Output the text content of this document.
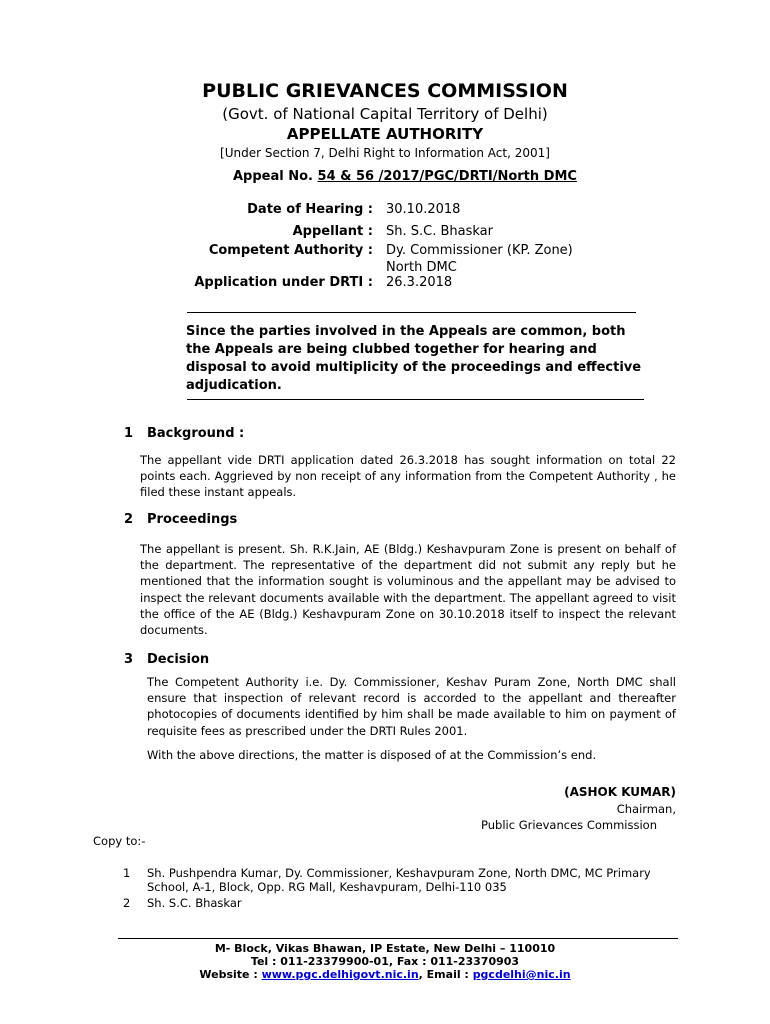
PUBLIC GRIEVANCES COMMISSION
(Govt. of National Capital Territory of Delhi)
APPELLATE AUTHORITY
[Under Section 7, Delhi Right to Information Act, 2001]
Appeal No. 54 & 56 /2017/PGC/DRTI/North DMC
Date of Hearing : 30.10.2018
Appellant : Sh. S.C. Bhaskar
Competent Authority : Dy. Commissioner (KP. Zone)
North DMC
Application under DRTI : 26.3.2018
Since the parties involved in the Appeals are common, both the Appeals are being clubbed together for hearing and disposal to avoid multiplicity of the proceedings and effective adjudication.
1 Background :
The appellant vide DRTI application dated 26.3.2018 has sought information on total 22 points each. Aggrieved by non receipt of any information from the Competent Authority , he filed these instant appeals.
2 Proceedings
The appellant is present. Sh. R.K.Jain, AE (Bldg.) Keshavpuram Zone is present on behalf of the department. The representative of the department did not submit any reply but he mentioned that the information sought is voluminous and the appellant may be advised to inspect the relevant documents available with the department. The appellant agreed to visit the office of the AE (Bldg.) Keshavpuram Zone on 30.10.2018 itself to inspect the relevant documents.
3 Decision
The Competent Authority i.e. Dy. Commissioner, Keshav Puram Zone, North DMC shall ensure that inspection of relevant record is accorded to the appellant and thereafter photocopies of documents identified by him shall be made available to him on payment of requisite fees as prescribed under the DRTI Rules 2001.
With the above directions, the matter is disposed of at the Commission’s end.
(ASHOK KUMAR)
Chairman,
Public Grievances Commission
Copy to:-
1 Sh. Pushpendra Kumar, Dy. Commissioner, Keshavpuram Zone, North DMC, MC Primary
School, A-1, Block, Opp. RG Mall, Keshavpuram, Delhi-110 035
2 Sh. S.C. Bhaskar
M- Block, Vikas Bhawan, IP Estate, New Delhi – 110010
Tel : 011-23379900-01, Fax : 011-23370903
Website : www.pgc.delhigovt.nic.in, Email : pgcdelhi@nic.in
